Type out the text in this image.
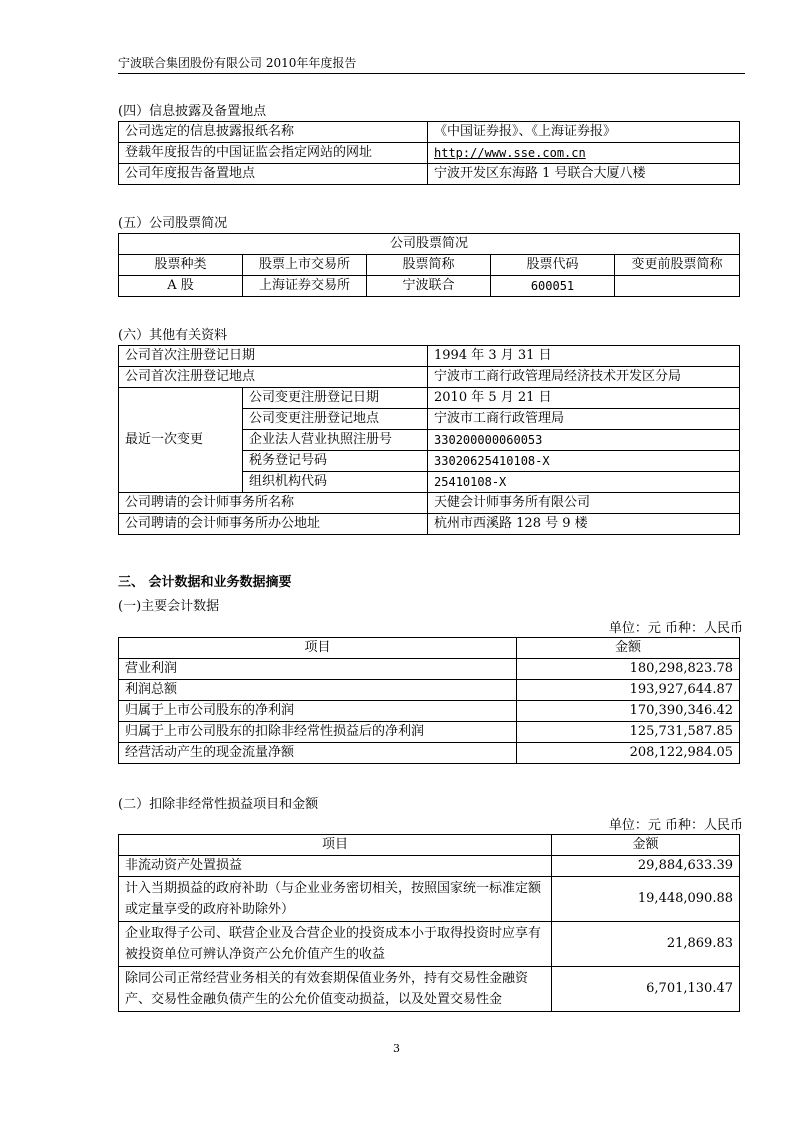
宁波联合集团股份有限公司 2010年年度报告
(四）信息披露及备置地点
公司选定的信息披露报纸名称	《中国证券报》、《上海证券报》
登载年度报告的中国证监会指定网站的网址	http://www.sse.com.cn
公司年度报告备置地点	宁波开发区东海路 1 号联合大厦八楼
(五）公司股票简况
公司股票简况				
股票种类	股票上市交易所	股票简称	股票代码	变更前股票简称
A 股	上海证券交易所	宁波联合	600051	
(六）其他有关资料
公司首次注册登记日期		1994 年 3 月 31 日
公司首次注册登记地点		宁波市工商行政管理局经济技术开发区分局
最近一次变更	公司变更注册登记日期	2010 年 5 月 21 日
	公司变更注册登记地点	宁波市工商行政管理局
	企业法人营业执照注册号	330200000060053
	税务登记号码	33020625410108-X
	组织机构代码	25410108-X
公司聘请的会计师事务所名称		天健会计师事务所有限公司
公司聘请的会计师事务所办公地址		杭州市西溪路 128 号 9 楼
三、 会计数据和业务数据摘要
(一)主要会计数据
单位：元 币种：人民币
项目	金额
营业利润	180,298,823.78
利润总额	193,927,644.87
归属于上市公司股东的净利润	170,390,346.42
归属于上市公司股东的扣除非经常性损益后的净利润	125,731,587.85
经营活动产生的现金流量净额	208,122,984.05
(二）扣除非经常性损益项目和金额
单位：元 币种：人民币
项目	金额
非流动资产处置损益	29,884,633.39
计入当期损益的政府补助（与企业业务密切相关，按照国家统一标准定额或定量享受的政府补助除外）	19,448,090.88
企业取得子公司、联营企业及合营企业的投资成本小于取得投资时应享有被投资单位可辨认净资产公允价值产生的收益	21,869.83
除同公司正常经营业务相关的有效套期保值业务外，持有交易性金融资产、交易性金融负债产生的公允价值变动损益，以及处置交易性金	6,701,130.47
3
